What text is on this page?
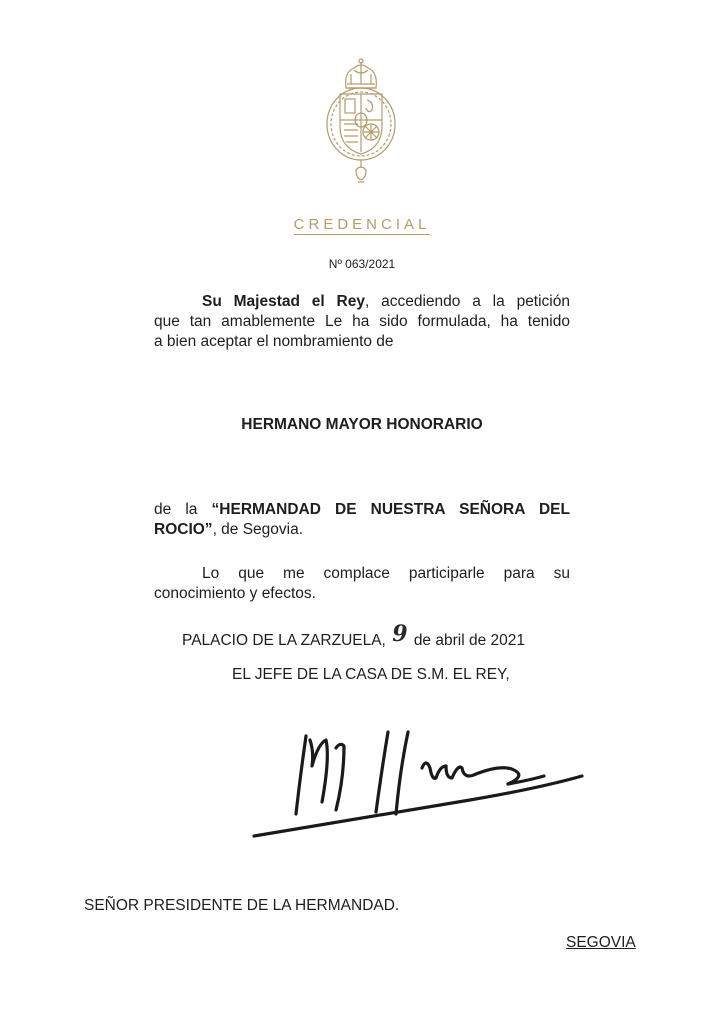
CREDENCIAL
Nº 063/2021
Su Majestad el Rey, accediendo a la petición
que tan amablemente Le ha sido formulada, ha tenido
a bien aceptar el nombramiento de
HERMANO MAYOR HONORARIO
de la “HERMANDAD DE NUESTRA SEÑORA DEL
ROCIO”, de Segovia.
Lo que me complace participarle para su
conocimiento y efectos.
PALACIO DE LA ZARZUELA, 9 de abril de 2021
EL JEFE DE LA CASA DE S.M. EL REY,
SEÑOR PRESIDENTE DE LA HERMANDAD.
SEGOVIA
